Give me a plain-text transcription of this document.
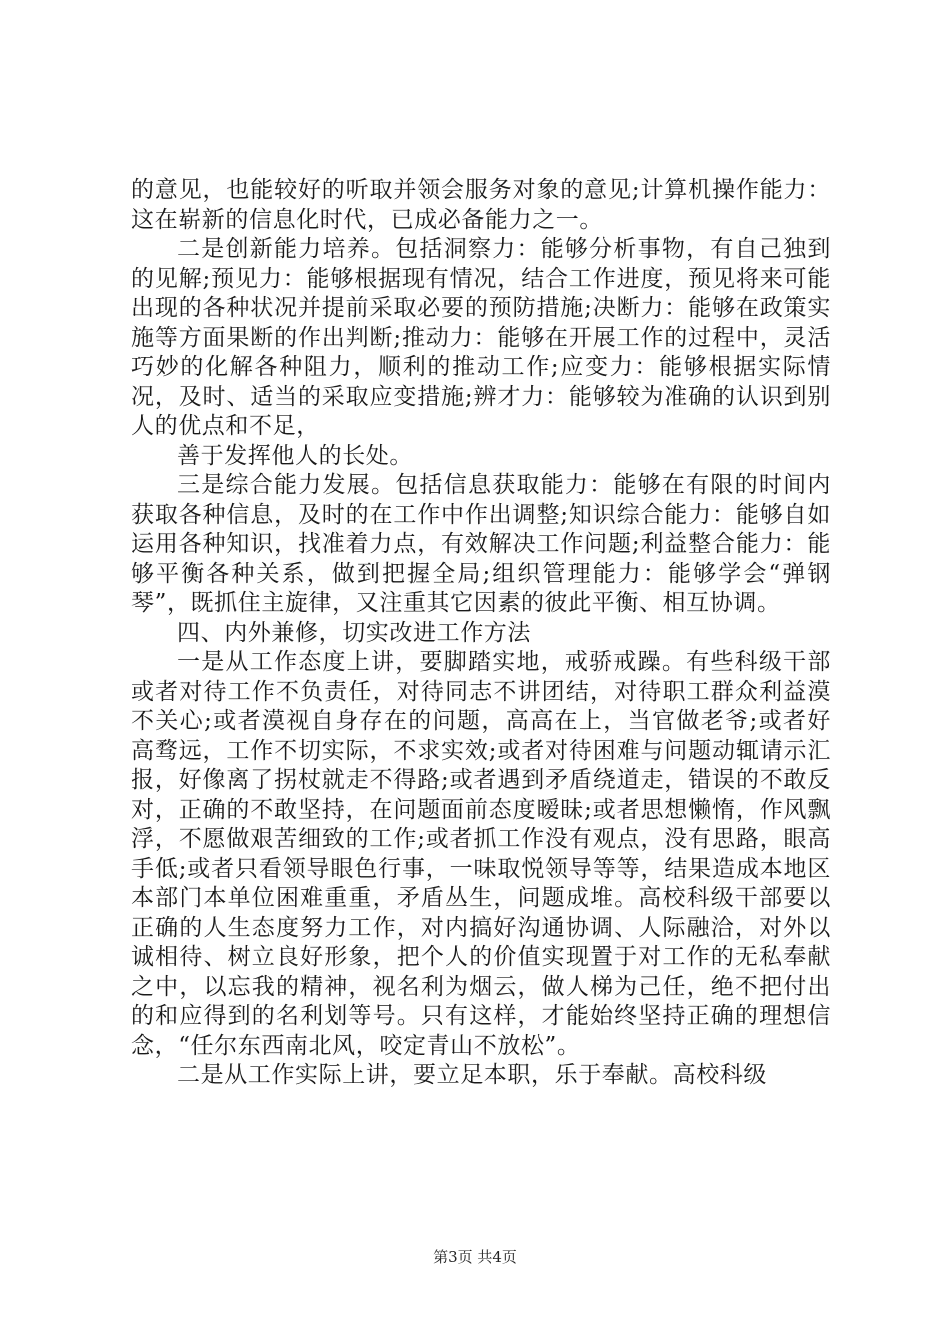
的意见，也能较好的听取并领会服务对象的意见;计算机操作能力：这在崭新的信息化时代，已成必备能力之一。

二是创新能力培养。包括洞察力：能够分析事物，有自己独到的见解;预见力：能够根据现有情况，结合工作进度，预见将来可能出现的各种状况并提前采取必要的预防措施;决断力：能够在政策实施等方面果断的作出判断;推动力：能够在开展工作的过程中，灵活巧妙的化解各种阻力，顺利的推动工作;应变力：能够根据实际情况，及时、适当的采取应变措施;辨才力：能够较为准确的认识到别人的优点和不足，

善于发挥他人的长处。

三是综合能力发展。包括信息获取能力：能够在有限的时间内获取各种信息，及时的在工作中作出调整;知识综合能力：能够自如运用各种知识，找准着力点，有效解决工作问题;利益整合能力：能够平衡各种关系，做到把握全局;组织管理能力：能够学会“弹钢琴”，既抓住主旋律，又注重其它因素的彼此平衡、相互协调。

四、内外兼修，切实改进工作方法

一是从工作态度上讲，要脚踏实地，戒骄戒躁。有些科级干部或者对待工作不负责任，对待同志不讲团结，对待职工群众利益漠不关心;或者漠视自身存在的问题，高高在上，当官做老爷;或者好高骛远，工作不切实际，不求实效;或者对待困难与问题动辄请示汇报，好像离了拐杖就走不得路;或者遇到矛盾绕道走，错误的不敢反对，正确的不敢坚持，在问题面前态度暧昧;或者思想懒惰，作风飘浮，不愿做艰苦细致的工作;或者抓工作没有观点，没有思路，眼高手低;或者只看领导眼色行事，一味取悦领导等等，结果造成本地区本部门本单位困难重重，矛盾丛生，问题成堆。高校科级干部要以正确的人生态度努力工作，对内搞好沟通协调、人际融洽，对外以诚相待、树立良好形象，把个人的价值实现置于对工作的无私奉献之中，以忘我的精神，视名利为烟云，做人梯为己任，绝不把付出的和应得到的名利划等号。只有这样，才能始终坚持正确的理想信念，“任尔东西南北风，咬定青山不放松”。

二是从工作实际上讲，要立足本职，乐于奉献。高校科级

第3页 共4页
